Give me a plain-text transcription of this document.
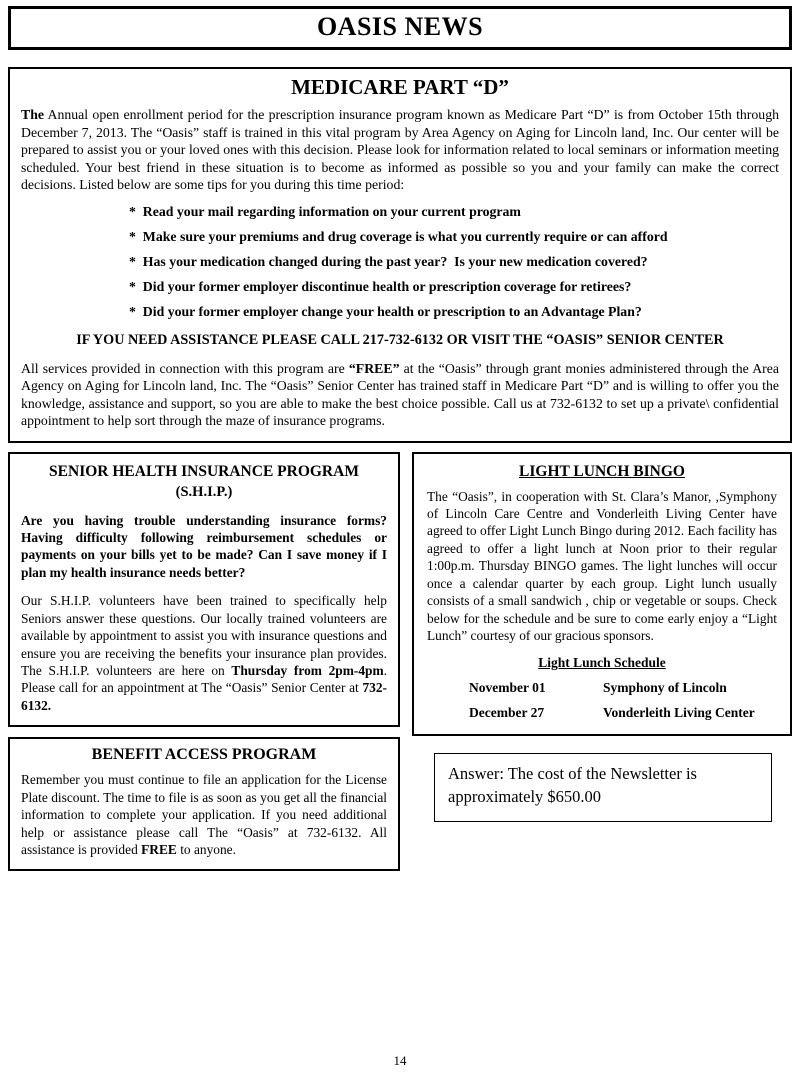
OASIS NEWS
MEDICARE PART “D”

The Annual open enrollment period for the prescription insurance program known as Medicare Part “D” is from October 15th through December 7, 2013. The “Oasis” staff is trained in this vital program by Area Agency on Aging for Lincoln land, Inc. Our center will be prepared to assist you or your loved ones with this decision. Please look for information related to local seminars or information meeting scheduled. Your best friend in these situation is to become as informed as possible so you and your family can make the correct decisions. Listed below are some tips for you during this time period:

*  Read your mail regarding information on your current program
*  Make sure your premiums and drug coverage is what you currently require or can afford
*  Has your medication changed during the past year?  Is your new medication covered?
*  Did your former employer discontinue health or prescription coverage for retirees?
*  Did your former employer change your health or prescription to an Advantage Plan?

IF YOU NEED ASSISTANCE PLEASE CALL 217-732-6132 OR VISIT THE “OASIS” SENIOR CENTER

All services provided in connection with this program are “FREE” at the “Oasis” through grant monies administered through the Area Agency on Aging for Lincoln land, Inc. The “Oasis” Senior Center has trained staff in Medicare Part “D” and is willing to offer you the knowledge, assistance and support, so you are able to make the best choice possible. Call us at 732-6132 to set up a private\ confidential appointment to help sort through the maze of insurance programs.

SENIOR HEALTH INSURANCE PROGRAM
(S.H.I.P.)

Are you having trouble understanding insurance forms? Having difficulty following reimbursement schedules or payments on your bills yet to be made? Can I save money if I plan my health insurance needs better?

Our S.H.I.P. volunteers have been trained to specifically help Seniors answer these questions. Our locally trained volunteers are available by appointment to assist you with insurance questions and ensure you are receiving the benefits your insurance plan provides. The S.H.I.P. volunteers are here on Thursday from 2pm-4pm. Please call for an appointment at The “Oasis” Senior Center at 732-6132.

BENEFIT ACCESS PROGRAM

Remember you must continue to file an application for the License Plate discount. The time to file is as soon as you get all the financial information to complete your application. If you need additional help or assistance please call The “Oasis” at 732-6132. All assistance is provided FREE to anyone.

LIGHT LUNCH BINGO

The “Oasis”, in cooperation with St. Clara’s Manor, ,Symphony of Lincoln Care Centre and Vonderleith Living Center have agreed to offer Light Lunch Bingo during 2012. Each facility has agreed to offer a light lunch at Noon prior to their regular 1:00p.m. Thursday BINGO games. The light lunches will occur once a calendar quarter by each group. Light lunch usually consists of a small sandwich , chip or vegetable or soups. Check below for the schedule and be sure to come early enjoy a “Light Lunch” courtesy of our gracious sponsors.

Light Lunch Schedule
November 01	Symphony of Lincoln
December 27	Vonderleith Living Center
Answer: The cost of the Newsletter is approximately $650.00
14
